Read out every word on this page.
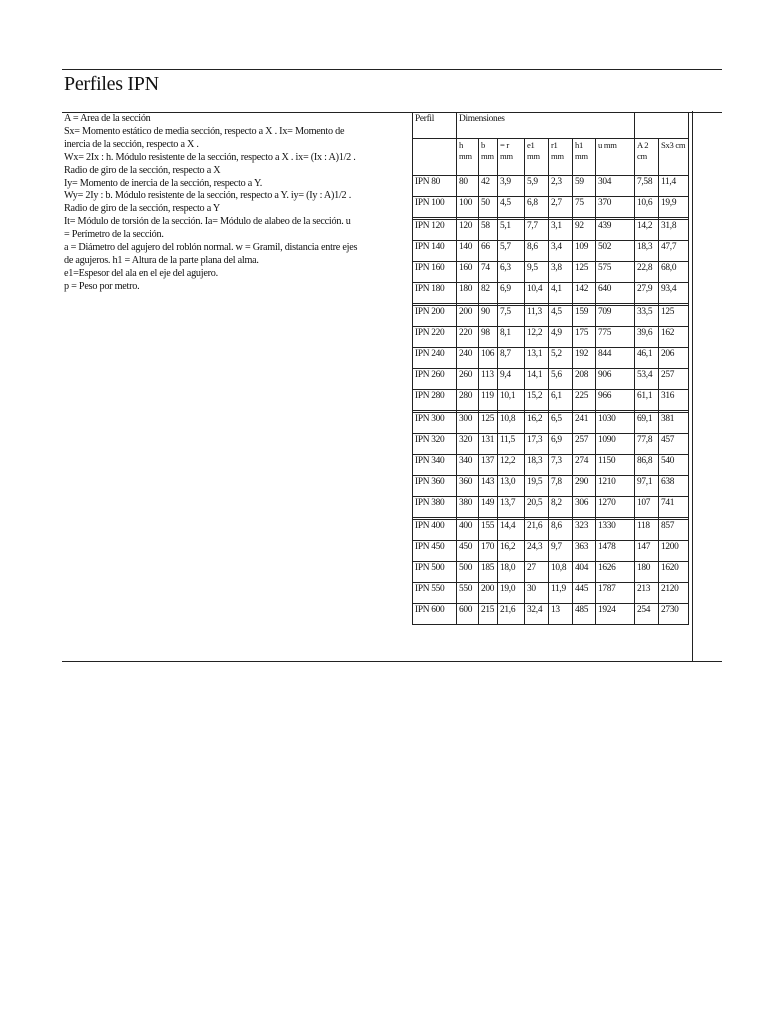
Perfiles IPN
A = Area de la sección
Sx= Momento estático de media sección, respecto a X . Ix= Momento de
inercia de la sección, respecto a X .
Wx= 2Ix : h. Módulo resistente de la sección, respecto a X . ix= (Ix : A)1/2 .
Radio de giro de la sección, respecto a X
Iy= Momento de inercia de la sección, respecto a Y.
Wy= 2Iy : b. Módulo resistente de la sección, respecto a Y. iy= (Iy : A)1/2 .
Radio de giro de la sección, respecto a Y
It= Módulo de torsión de la sección. Ia= Módulo de alabeo de la sección. u
= Perímetro de la sección.
a = Diámetro del agujero del roblón normal. w = Gramil, distancia entre ejes
de agujeros. h1 = Altura de la parte plana del alma.
e1=Espesor del ala en el eje del agujero.
p = Peso por metro.
Perfil	Dimensiones								
	h mm	b mm	= r mm	e1 mm	r1 mm	h1 mm	u mm	A 2 cm	Sx3 cm
IPN 80	80	42	3,9	5,9	2,3	59	304	7,58	11,4
IPN 100	100	50	4,5	6,8	2,7	75	370	10,6	19,9

IPN 120	120	58	5,1	7,7	3,1	92	439	14,2	31,8
IPN 140	140	66	5,7	8,6	3,4	109	502	18,3	47,7
IPN 160	160	74	6,3	9,5	3,8	125	575	22,8	68,0
IPN 180	180	82	6,9	10,4	4,1	142	640	27,9	93,4

IPN 200	200	90	7,5	11,3	4,5	159	709	33,5	125
IPN 220	220	98	8,1	12,2	4,9	175	775	39,6	162
IPN 240	240	106	8,7	13,1	5,2	192	844	46,1	206
IPN 260	260	113	9,4	14,1	5,6	208	906	53,4	257
IPN 280	280	119	10,1	15,2	6,1	225	966	61,1	316

IPN 300	300	125	10,8	16,2	6,5	241	1030	69,1	381
IPN 320	320	131	11,5	17,3	6,9	257	1090	77,8	457
IPN 340	340	137	12,2	18,3	7,3	274	1150	86,8	540
IPN 360	360	143	13,0	19,5	7,8	290	1210	97,1	638
IPN 380	380	149	13,7	20,5	8,2	306	1270	107	741

IPN 400	400	155	14,4	21,6	8,6	323	1330	118	857
IPN 450	450	170	16,2	24,3	9,7	363	1478	147	1200
IPN 500	500	185	18,0	27	10,8	404	1626	180	1620
IPN 550	550	200	19,0	30	11,9	445	1787	213	2120
IPN 600	600	215	21,6	32,4	13	485	1924	254	2730
